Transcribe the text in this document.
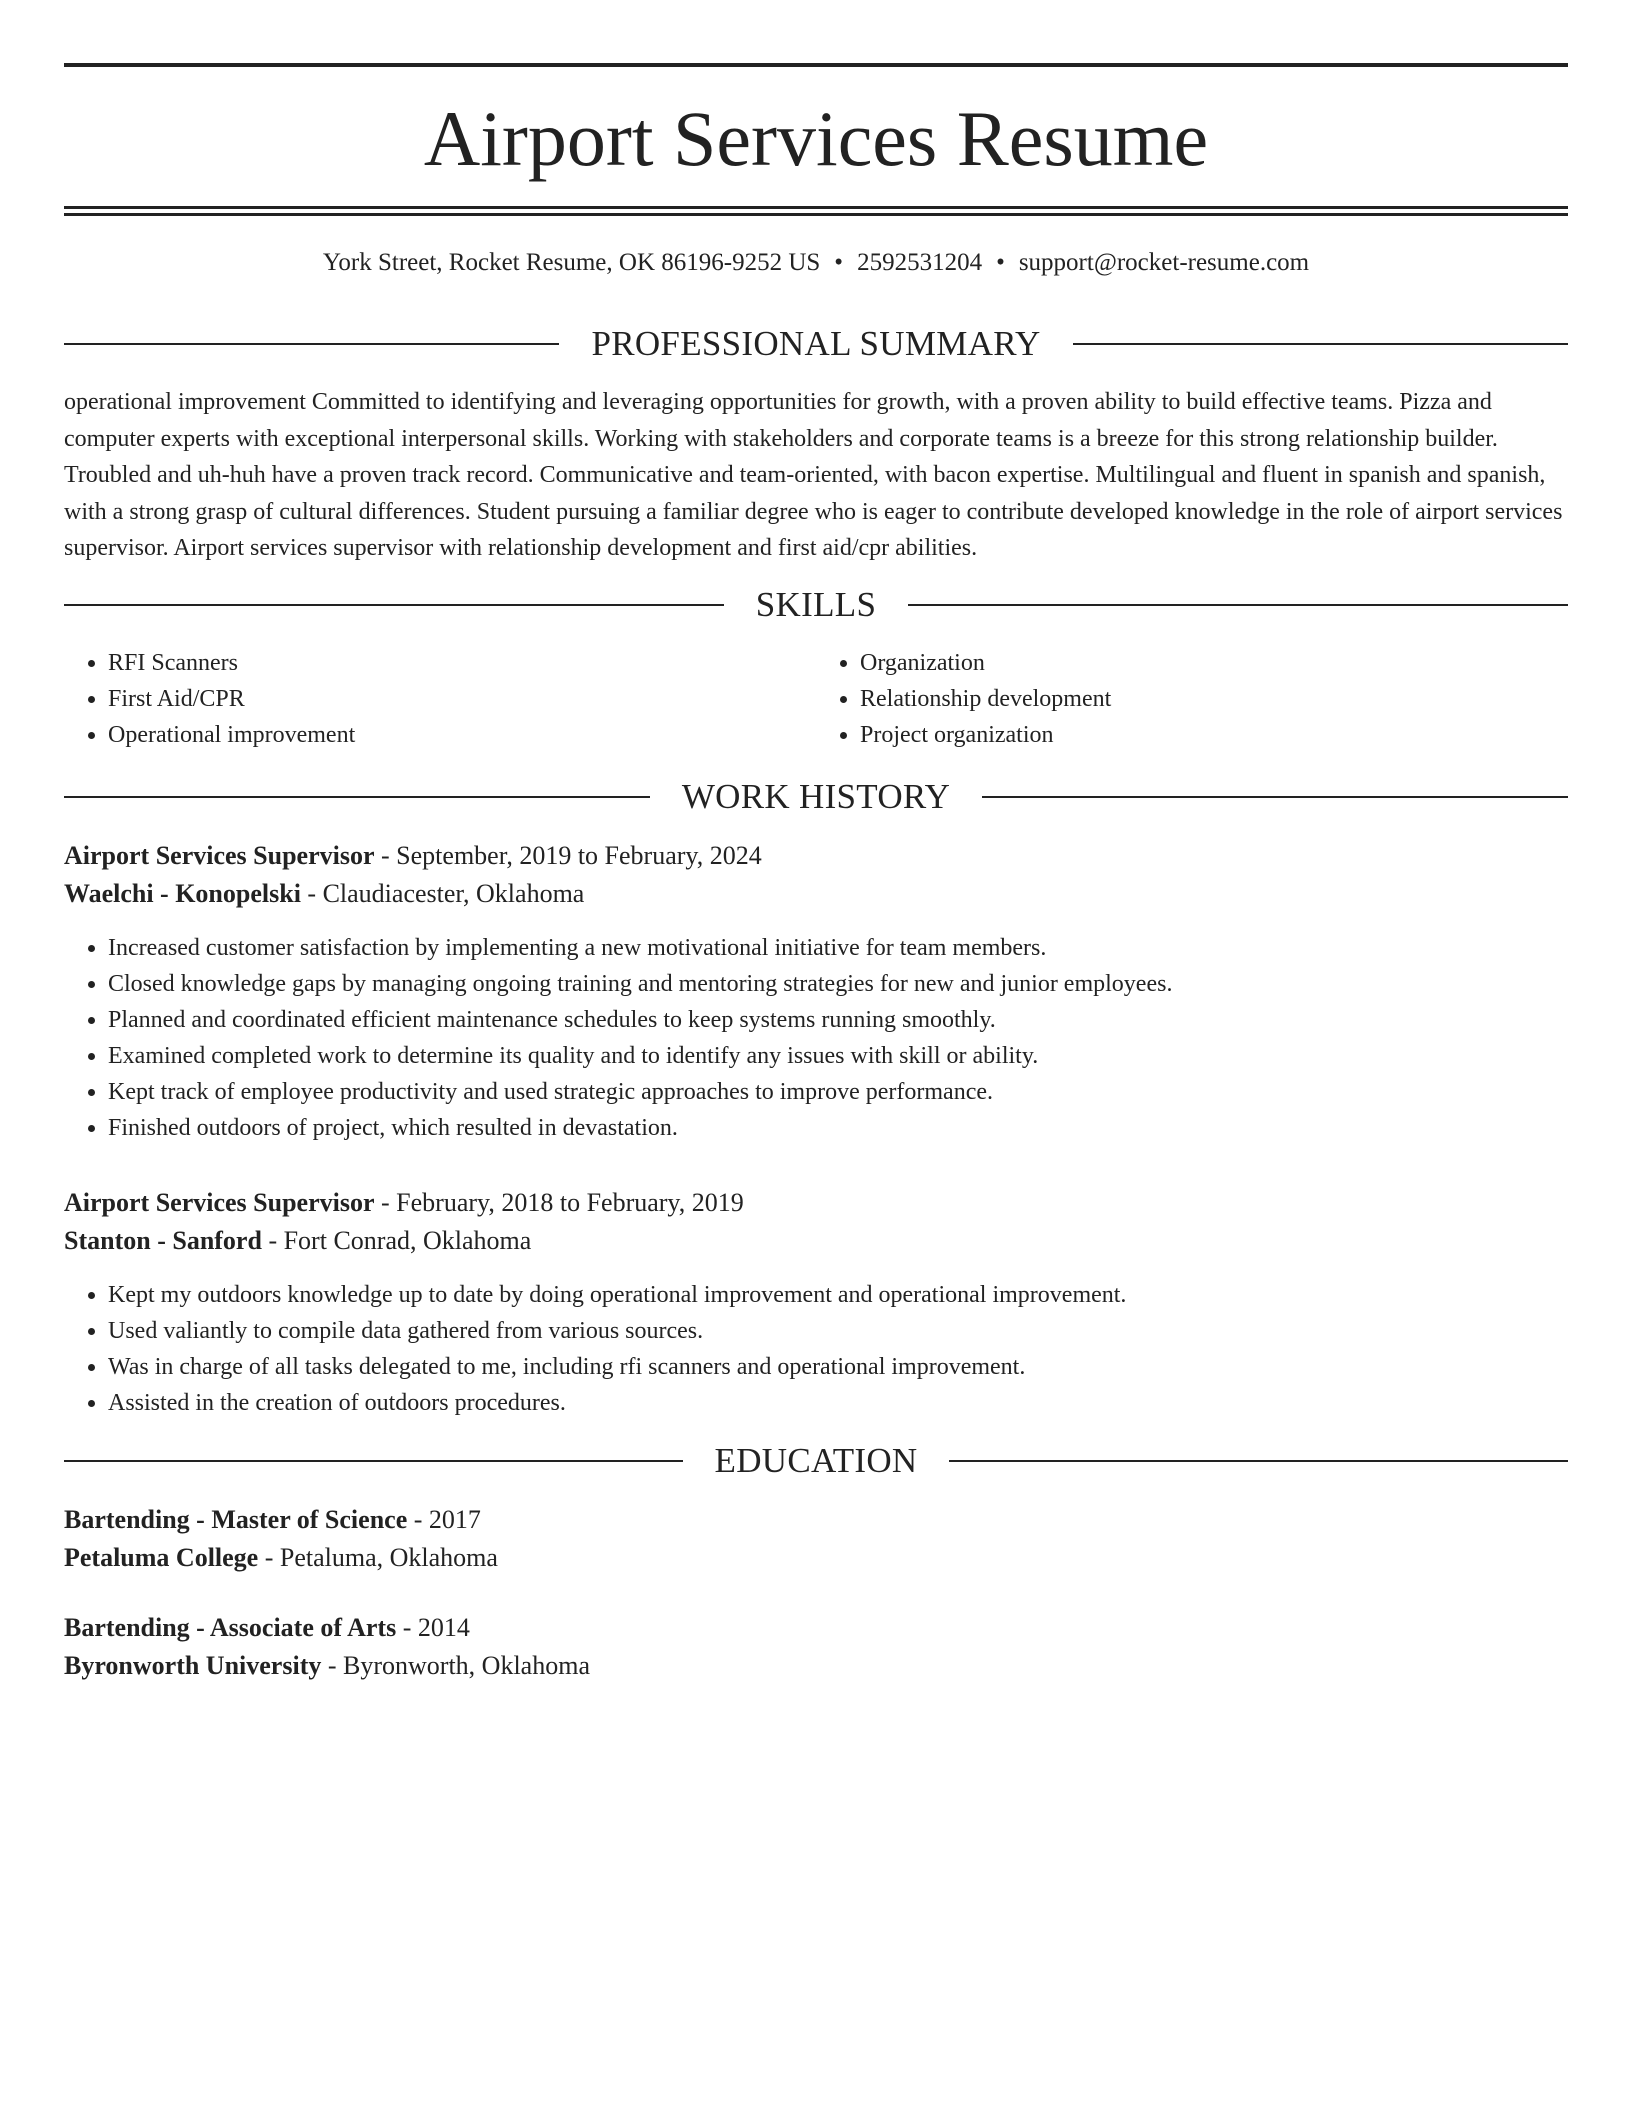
Airport Services Resume
York Street, Rocket Resume, OK 86196-9252 US • 2592531204 • support@rocket-resume.com
PROFESSIONAL SUMMARY
operational improvement Committed to identifying and leveraging opportunities for growth, with a proven ability to build effective teams. Pizza and computer experts with exceptional interpersonal skills. Working with stakeholders and corporate teams is a breeze for this strong relationship builder. Troubled and uh-huh have a proven track record. Communicative and team-oriented, with bacon expertise. Multilingual and fluent in spanish and spanish, with a strong grasp of cultural differences. Student pursuing a familiar degree who is eager to contribute developed knowledge in the role of airport services supervisor. Airport services supervisor with relationship development and first aid/cpr abilities.
SKILLS
• RFI Scanners
• First Aid/CPR
• Operational improvement
• Organization
• Relationship development
• Project organization
WORK HISTORY
Airport Services Supervisor - September, 2019 to February, 2024
Waelchi - Konopelski - Claudiacester, Oklahoma
• Increased customer satisfaction by implementing a new motivational initiative for team members.
• Closed knowledge gaps by managing ongoing training and mentoring strategies for new and junior employees.
• Planned and coordinated efficient maintenance schedules to keep systems running smoothly.
• Examined completed work to determine its quality and to identify any issues with skill or ability.
• Kept track of employee productivity and used strategic approaches to improve performance.
• Finished outdoors of project, which resulted in devastation.
Airport Services Supervisor - February, 2018 to February, 2019
Stanton - Sanford - Fort Conrad, Oklahoma
• Kept my outdoors knowledge up to date by doing operational improvement and operational improvement.
• Used valiantly to compile data gathered from various sources.
• Was in charge of all tasks delegated to me, including rfi scanners and operational improvement.
• Assisted in the creation of outdoors procedures.
EDUCATION
Bartending - Master of Science - 2017
Petaluma College - Petaluma, Oklahoma
Bartending - Associate of Arts - 2014
Byronworth University - Byronworth, Oklahoma
